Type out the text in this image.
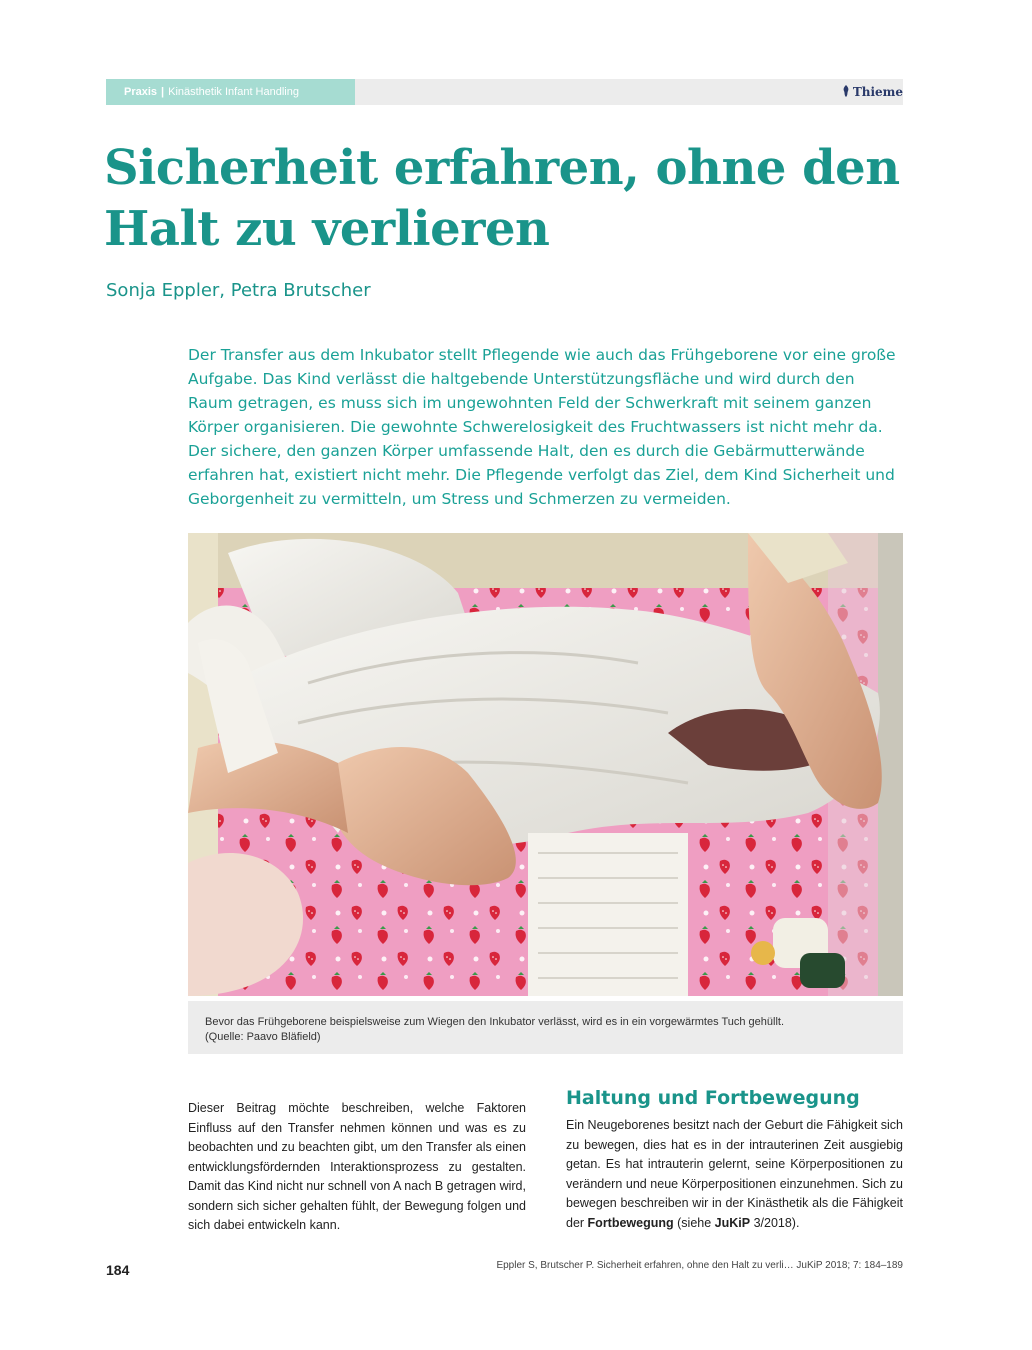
Praxis | Kinästhetik Infant Handling	Thieme
Sicherheit erfahren, ohne den Halt zu verlieren
Sonja Eppler, Petra Brutscher

Der Transfer aus dem Inkubator stellt Pflegende wie auch das Frühgeborene vor eine große Aufgabe. Das Kind verlässt die haltgebende Unterstützungsfläche und wird durch den Raum getragen, es muss sich im ungewohnten Feld der Schwerkraft mit seinem ganzen Körper organisieren. Die gewohnte Schwerelosigkeit des Fruchtwassers ist nicht mehr da. Der sichere, den ganzen Körper umfassende Halt, den es durch die Gebärmutterwände erfahren hat, existiert nicht mehr. Die Pflegende verfolgt das Ziel, dem Kind Sicherheit und Geborgenheit zu vermitteln, um Stress und Schmerzen zu vermeiden.

Bevor das Frühgeborene beispielsweise zum Wiegen den Inkubator verlässt, wird es in ein vorgewärmtes Tuch gehüllt.
(Quelle: Paavo Bläfield)

Dieser Beitrag möchte beschreiben, welche Faktoren Einfluss auf den Transfer nehmen können und was es zu beobachten und zu beachten gibt, um den Transfer als einen entwicklungsfördernden Interaktionsprozess zu gestalten. Damit das Kind nicht nur schnell von A nach B getragen wird, sondern sich sicher gehalten fühlt, der Bewegung folgen und sich dabei entwickeln kann.

Haltung und Fortbewegung

Ein Neugeborenes besitzt nach der Geburt die Fähigkeit sich zu bewegen, dies hat es in der intrauterinen Zeit ausgiebig getan. Es hat intrauterin gelernt, seine Körperpositionen zu verändern und neue Körperpositionen einzunehmen. Sich zu bewegen beschreiben wir in der Kinästhetik als die Fähigkeit der Fortbewegung (siehe JuKiP 3/2018).

184	Eppler S, Brutscher P. Sicherheit erfahren, ohne den Halt zu verli… JuKiP 2018; 7: 184–189
